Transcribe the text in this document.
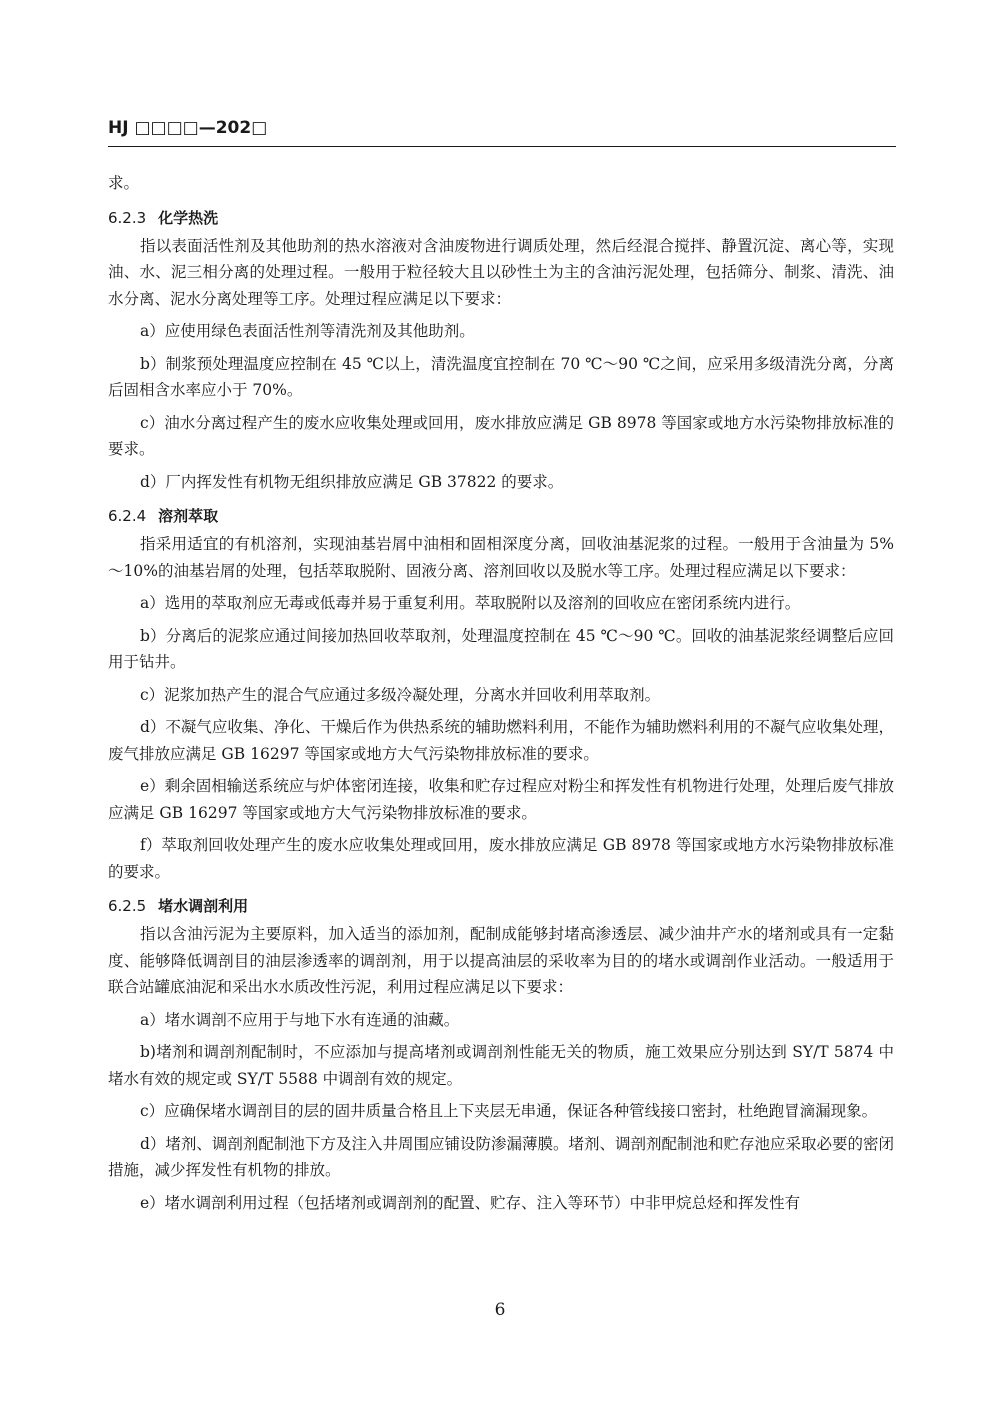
HJ □□□□—202□

求。

6.2.3 化学热洗

指以表面活性剂及其他助剂的热水溶液对含油废物进行调质处理，然后经混合搅拌、静置沉淀、离心等，实现油、水、泥三相分离的处理过程。一般用于粒径较大且以砂性土为主的含油污泥处理，包括筛分、制浆、清洗、油水分离、泥水分离处理等工序。处理过程应满足以下要求：

a）应使用绿色表面活性剂等清洗剂及其他助剂。

b）制浆预处理温度应控制在 45 ℃以上，清洗温度宜控制在 70 ℃～90 ℃之间，应采用多级清洗分离，分离后固相含水率应小于 70%。

c）油水分离过程产生的废水应收集处理或回用，废水排放应满足 GB 8978 等国家或地方水污染物排放标准的要求。

d）厂内挥发性有机物无组织排放应满足 GB 37822 的要求。

6.2.4 溶剂萃取

指采用适宜的有机溶剂，实现油基岩屑中油相和固相深度分离，回收油基泥浆的过程。一般用于含油量为 5%～10%的油基岩屑的处理，包括萃取脱附、固液分离、溶剂回收以及脱水等工序。处理过程应满足以下要求：

a）选用的萃取剂应无毒或低毒并易于重复利用。萃取脱附以及溶剂的回收应在密闭系统内进行。

b）分离后的泥浆应通过间接加热回收萃取剂，处理温度控制在 45 ℃～90 ℃。回收的油基泥浆经调整后应回用于钻井。

c）泥浆加热产生的混合气应通过多级冷凝处理，分离水并回收利用萃取剂。

d）不凝气应收集、净化、干燥后作为供热系统的辅助燃料利用，不能作为辅助燃料利用的不凝气应收集处理，废气排放应满足 GB 16297 等国家或地方大气污染物排放标准的要求。

e）剩余固相输送系统应与炉体密闭连接，收集和贮存过程应对粉尘和挥发性有机物进行处理，处理后废气排放应满足 GB 16297 等国家或地方大气污染物排放标准的要求。

f）萃取剂回收处理产生的废水应收集处理或回用，废水排放应满足 GB 8978 等国家或地方水污染物排放标准的要求。

6.2.5 堵水调剖利用

指以含油污泥为主要原料，加入适当的添加剂，配制成能够封堵高渗透层、减少油井产水的堵剂或具有一定黏度、能够降低调剖目的油层渗透率的调剖剂，用于以提高油层的采收率为目的的堵水或调剖作业活动。一般适用于联合站罐底油泥和采出水水质改性污泥，利用过程应满足以下要求：

a）堵水调剖不应用于与地下水有连通的油藏。

b)堵剂和调剖剂配制时，不应添加与提高堵剂或调剖剂性能无关的物质，施工效果应分别达到 SY/T 5874 中堵水有效的规定或 SY/T 5588 中调剖有效的规定。

c）应确保堵水调剖目的层的固井质量合格且上下夹层无串通，保证各种管线接口密封，杜绝跑冒滴漏现象。

d）堵剂、调剖剂配制池下方及注入井周围应铺设防渗漏薄膜。堵剂、调剖剂配制池和贮存池应采取必要的密闭措施，减少挥发性有机物的排放。

e）堵水调剖利用过程（包括堵剂或调剖剂的配置、贮存、注入等环节）中非甲烷总烃和挥发性有

6
